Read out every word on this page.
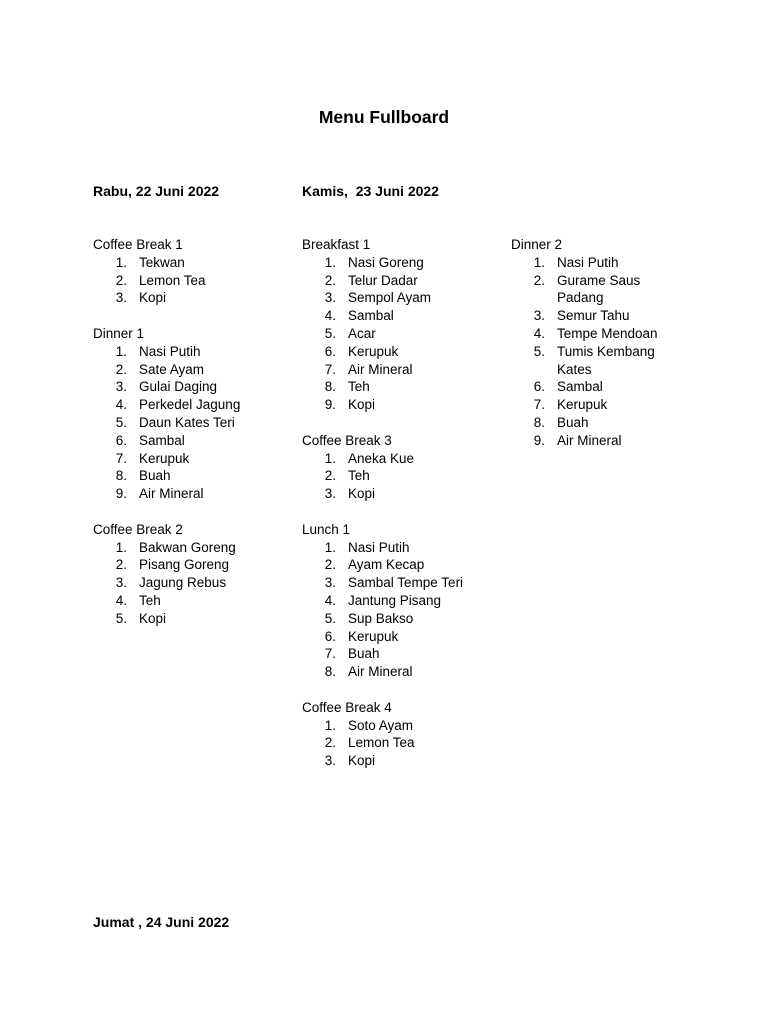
Menu Fullboard
Rabu, 22 Juni 2022	Kamis,  23 Juni 2022
Jumat , 24 Juni 2022
Coffee Break 1
1. Tekwan
2. Lemon Tea
3. Kopi
Dinner 1
1. Nasi Putih
2. Sate Ayam
3. Gulai Daging
4. Perkedel Jagung
5. Daun Kates Teri
6. Sambal
7. Kerupuk
8. Buah
9. Air Mineral
Coffee Break 2
1. Bakwan Goreng
2. Pisang Goreng
3. Jagung Rebus
4. Teh
5. Kopi
Breakfast 1
1. Nasi Goreng
2. Telur Dadar
3. Sempol Ayam
4. Sambal
5. Acar
6. Kerupuk
7. Air Mineral
8. Teh
9. Kopi
Coffee Break 3
1. Aneka Kue
2. Teh
3. Kopi
Lunch 1
1. Nasi Putih
2. Ayam Kecap
3. Sambal Tempe Teri
4. Jantung Pisang
5. Sup Bakso
6. Kerupuk
7. Buah
8. Air Mineral
Coffee Break 4
1. Soto Ayam
2. Lemon Tea
3. Kopi
Dinner 2
1. Nasi Putih
2. Gurame Saus Padang
3. Semur Tahu
4. Tempe Mendoan
5. Tumis Kembang Kates
6. Sambal
7. Kerupuk
8. Buah
9. Air Mineral
